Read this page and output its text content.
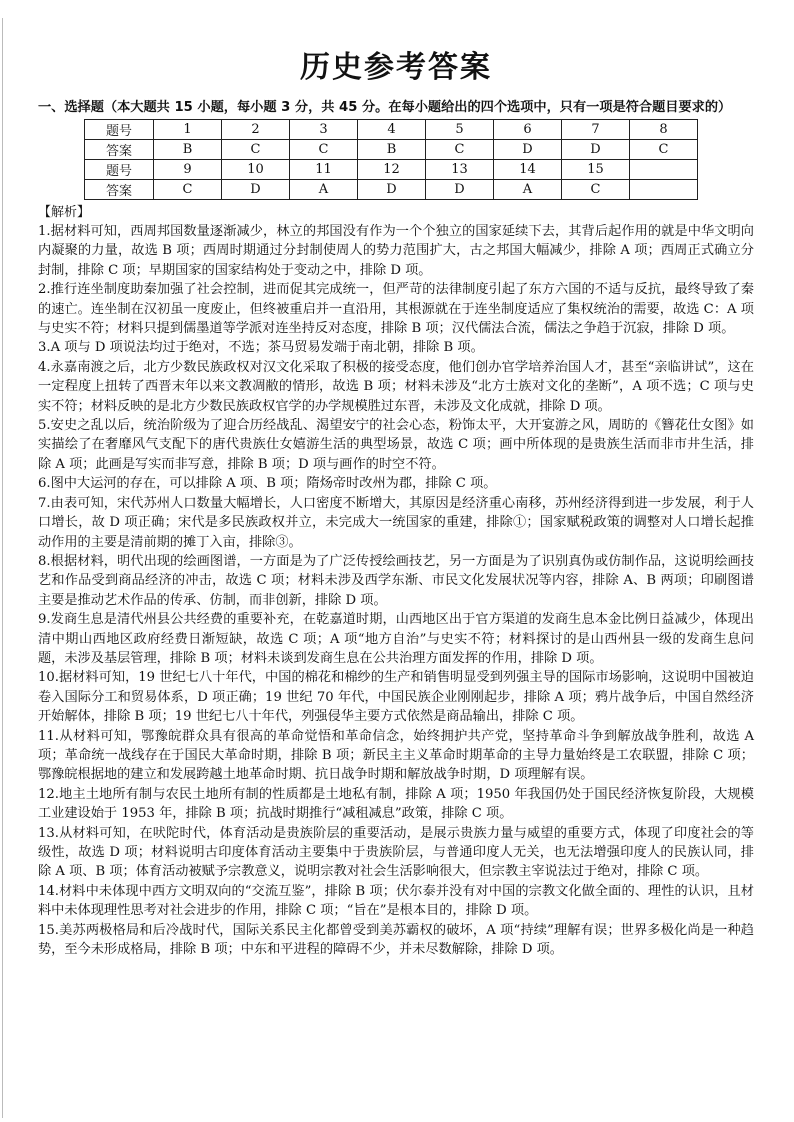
历史参考答案
一、选择题（本大题共 15 小题，每小题 3 分，共 45 分。在每小题给出的四个选项中，只有一项是符合题目要求的）
题号	1	2	3	4	5	6	7	8
答案	B	C	C	B	C	D	D	C
题号	9	10	11	12	13	14	15	
答案	C	D	A	D	D	A	C	
【解析】

1.据材料可知，西周邦国数量逐渐减少，林立的邦国没有作为一个个独立的国家延续下去，其背后起作用的就是中华文明向内凝聚的力量，故选 B 项；西周时期通过分封制使周人的势力范围扩大，古之邦国大幅减少，排除 A 项；西周正式确立分封制，排除 C 项；早期国家的国家结构处于变动之中，排除 D 项。

2.推行连坐制度助秦加强了社会控制，进而促其完成统一，但严苛的法律制度引起了东方六国的不适与反抗，最终导致了秦的速亡。连坐制在汉初虽一度废止，但终被重启并一直沿用，其根源就在于连坐制度适应了集权统治的需要，故选 C：A 项与史实不符；材料只提到儒墨道等学派对连坐持反对态度，排除 B 项；汉代儒法合流，儒法之争趋于沉寂，排除 D 项。

3.A 项与 D 项说法均过于绝对，不选；茶马贸易发端于南北朝，排除 B 项。

4.永嘉南渡之后，北方少数民族政权对汉文化采取了积极的接受态度，他们创办官学培养治国人才，甚至“亲临讲试”，这在一定程度上扭转了西晋末年以来文教凋敝的情形，故选 B 项；材料未涉及“北方士族对文化的垄断”，A 项不选；C 项与史实不符；材料反映的是北方少数民族政权官学的办学规模胜过东晋，未涉及文化成就，排除 D 项。

5.安史之乱以后，统治阶级为了迎合历经战乱、渴望安宁的社会心态，粉饰太平，大开宴游之风，周昉的《簪花仕女图》如实描绘了在奢靡风气支配下的唐代贵族仕女嬉游生活的典型场景，故选 C 项；画中所体现的是贵族生活而非市井生活，排除 A 项；此画是写实而非写意，排除 B 项；D 项与画作的时空不符。

6.图中大运河的存在，可以排除 A 项、B 项；隋炀帝时改州为郡，排除 C 项。

7.由表可知，宋代苏州人口数量大幅增长，人口密度不断增大，其原因是经济重心南移，苏州经济得到进一步发展，利于人口增长，故 D 项正确；宋代是多民族政权并立，未完成大一统国家的重建，排除①；国家赋税政策的调整对人口增长起推动作用的主要是清前期的摊丁入亩，排除③。

8.根据材料，明代出现的绘画图谱，一方面是为了广泛传授绘画技艺，另一方面是为了识别真伪或仿制作品，这说明绘画技艺和作品受到商品经济的冲击，故选 C 项；材料未涉及西学东渐、市民文化发展状况等内容，排除 A、B 两项；印刷图谱主要是推动艺术作品的传承、仿制，而非创新，排除 D 项。

9.发商生息是清代州县公共经费的重要补充，在乾嘉道时期，山西地区出于官方渠道的发商生息本金比例日益减少，体现出清中期山西地区政府经费日渐短缺，故选 C 项；A 项“地方自治”与史实不符；材料探讨的是山西州县一级的发商生息问题，未涉及基层管理，排除 B 项；材料未谈到发商生息在公共治理方面发挥的作用，排除 D 项。

10.据材料可知，19 世纪七八十年代，中国的棉花和棉纱的生产和销售明显受到列强主导的国际市场影响，这说明中国被迫卷入国际分工和贸易体系，D 项正确；19 世纪 70 年代，中国民族企业刚刚起步，排除 A 项；鸦片战争后，中国自然经济开始解体，排除 B 项；19 世纪七八十年代，列强侵华主要方式依然是商品输出，排除 C 项。

11.从材料可知，鄂豫皖群众具有很高的革命觉悟和革命信念，始终拥护共产党，坚持革命斗争到解放战争胜利，故选 A 项；革命统一战线存在于国民大革命时期，排除 B 项；新民主主义革命时期革命的主导力量始终是工农联盟，排除 C 项；鄂豫皖根据地的建立和发展跨越土地革命时期、抗日战争时期和解放战争时期，D 项理解有误。

12.地主土地所有制与农民土地所有制的性质都是土地私有制，排除 A 项；1950 年我国仍处于国民经济恢复阶段，大规模工业建设始于 1953 年，排除 B 项；抗战时期推行“减租减息”政策，排除 C 项。

13.从材料可知，在吠陀时代，体育活动是贵族阶层的重要活动，是展示贵族力量与威望的重要方式，体现了印度社会的等级性，故选 D 项；材料说明古印度体育活动主要集中于贵族阶层，与普通印度人无关，也无法增强印度人的民族认同，排除 A 项、B 项；体育活动被赋予宗教意义，说明宗教对社会生活影响很大，但宗教主宰说法过于绝对，排除 C 项。

14.材料中未体现中西方文明双向的“交流互鉴”，排除 B 项；伏尔泰并没有对中国的宗教文化做全面的、理性的认识，且材料中未体现理性思考对社会进步的作用，排除 C 项；“旨在”是根本目的，排除 D 项。

15.美苏两极格局和后冷战时代，国际关系民主化都曾受到美苏霸权的破坏，A 项“持续”理解有误；世界多极化尚是一种趋势，至今未形成格局，排除 B 项；中东和平进程的障碍不少，并未尽数解除，排除 D 项。
